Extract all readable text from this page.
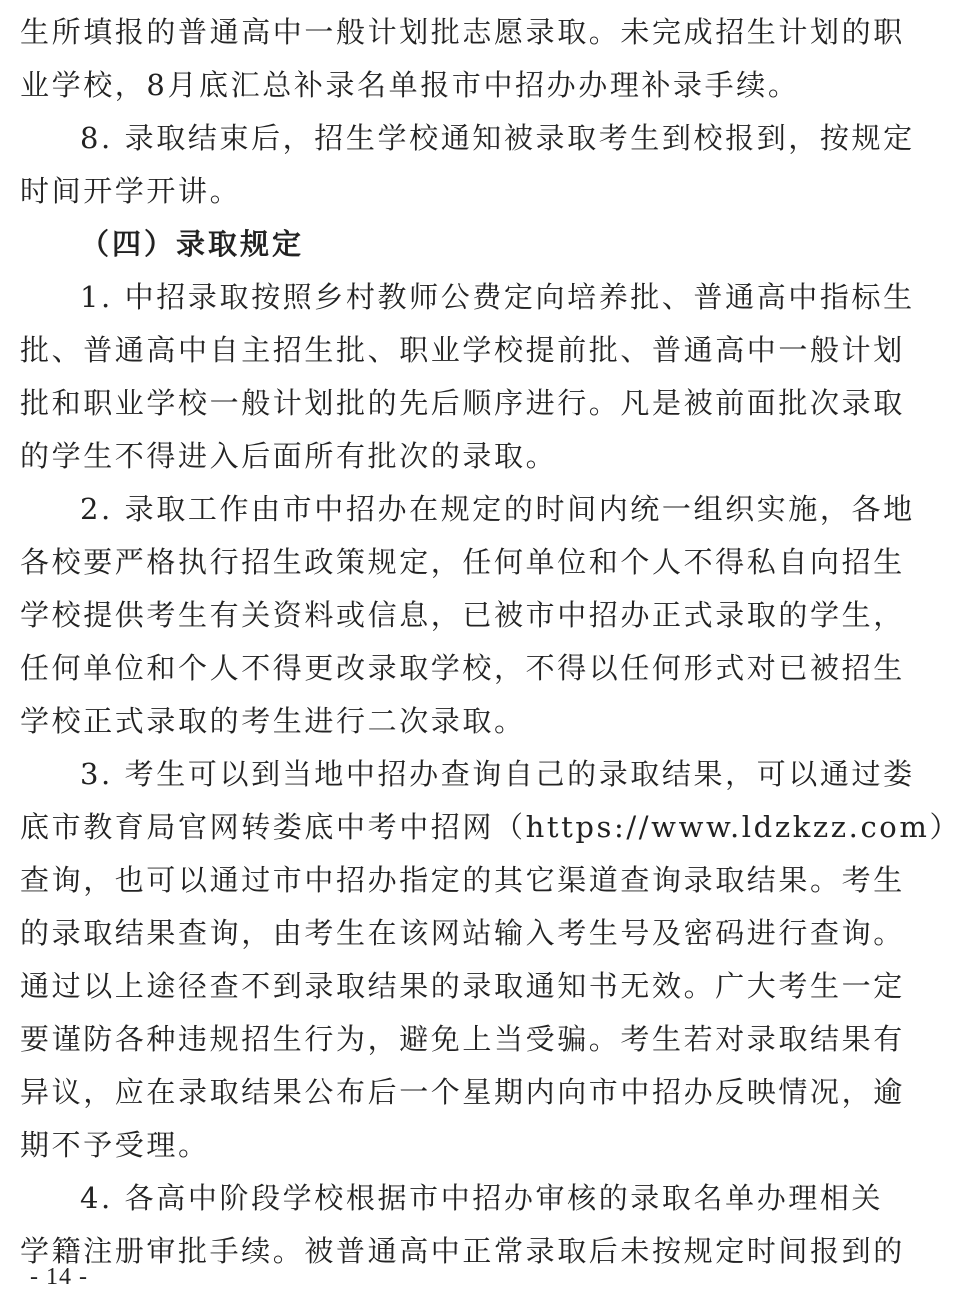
生所填报的普通高中一般计划批志愿录取。未完成招生计划的职
业学校，8月底汇总补录名单报市中招办办理补录手续。
8. 录取结束后，招生学校通知被录取考生到校报到，按规定
时间开学开讲。
（四）录取规定
1. 中招录取按照乡村教师公费定向培养批、普通高中指标生
批、普通高中自主招生批、职业学校提前批、普通高中一般计划
批和职业学校一般计划批的先后顺序进行。凡是被前面批次录取
的学生不得进入后面所有批次的录取。
2. 录取工作由市中招办在规定的时间内统一组织实施，各地
各校要严格执行招生政策规定，任何单位和个人不得私自向招生
学校提供考生有关资料或信息，已被市中招办正式录取的学生，
任何单位和个人不得更改录取学校，不得以任何形式对已被招生
学校正式录取的考生进行二次录取。
3. 考生可以到当地中招办查询自己的录取结果，可以通过娄
底市教育局官网转娄底中考中招网（https://www.ldzkzz.com）
查询，也可以通过市中招办指定的其它渠道查询录取结果。考生
的录取结果查询，由考生在该网站输入考生号及密码进行查询。
通过以上途径查不到录取结果的录取通知书无效。广大考生一定
要谨防各种违规招生行为，避免上当受骗。考生若对录取结果有
异议，应在录取结果公布后一个星期内向市中招办反映情况，逾
期不予受理。
4. 各高中阶段学校根据市中招办审核的录取名单办理相关
学籍注册审批手续。被普通高中正常录取后未按规定时间报到的
- 14 -
